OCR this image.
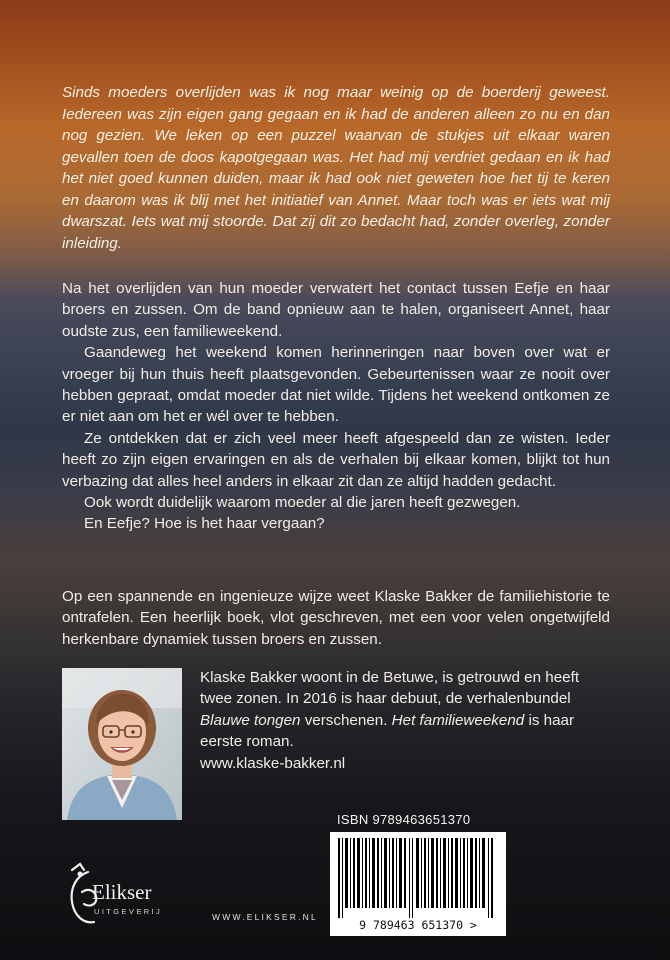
Sinds moeders overlijden was ik nog maar weinig op de boerderij geweest. Iedereen was zijn eigen gang gegaan en ik had de anderen alleen zo nu en dan nog gezien. We leken op een puzzel waarvan de stukjes uit elkaar waren gevallen toen de doos kapotgegaan was. Het had mij verdriet gedaan en ik had het niet goed kunnen duiden, maar ik had ook niet geweten hoe het tij te keren en daarom was ik blij met het initiatief van Annet. Maar toch was er iets wat mij dwarszat. Iets wat mij stoorde. Dat zij dit zo bedacht had, zonder overleg, zonder inleiding.

Na het overlijden van hun moeder verwatert het contact tussen Eefje en haar broers en zussen. Om de band opnieuw aan te halen, organiseert Annet, haar oudste zus, een familieweekend.

Gaandeweg het weekend komen herinneringen naar boven over wat er vroeger bij hun thuis heeft plaatsgevonden. Gebeurtenissen waar ze nooit over hebben gepraat, omdat moeder dat niet wilde. Tijdens het weekend ontkomen ze er niet aan om het er wél over te hebben.

Ze ontdekken dat er zich veel meer heeft afgespeeld dan ze wisten. Ieder heeft zo zijn eigen ervaringen en als de verhalen bij elkaar komen, blijkt tot hun verbazing dat alles heel anders in elkaar zit dan ze altijd hadden gedacht.

Ook wordt duidelijk waarom moeder al die jaren heeft gezwegen.

En Eefje? Hoe is het haar vergaan?

Op een spannende en ingenieuze wijze weet Klaske Bakker de familiehistorie te ontrafelen. Een heerlijk boek, vlot geschreven, met een voor velen ongetwijfeld herkenbare dynamiek tussen broers en zussen.

Klaske Bakker woont in de Betuwe, is getrouwd en heeft twee zonen. In 2016 is haar debuut, de verhalenbundel Blauwe tongen verschenen. Het familieweekend is haar eerste roman.

www.klaske-bakker.nl

ISBN 9789463651370
9 789463 651370 >
Elikser
UITGEVERIJ
WWW.ELIKSER.NL
